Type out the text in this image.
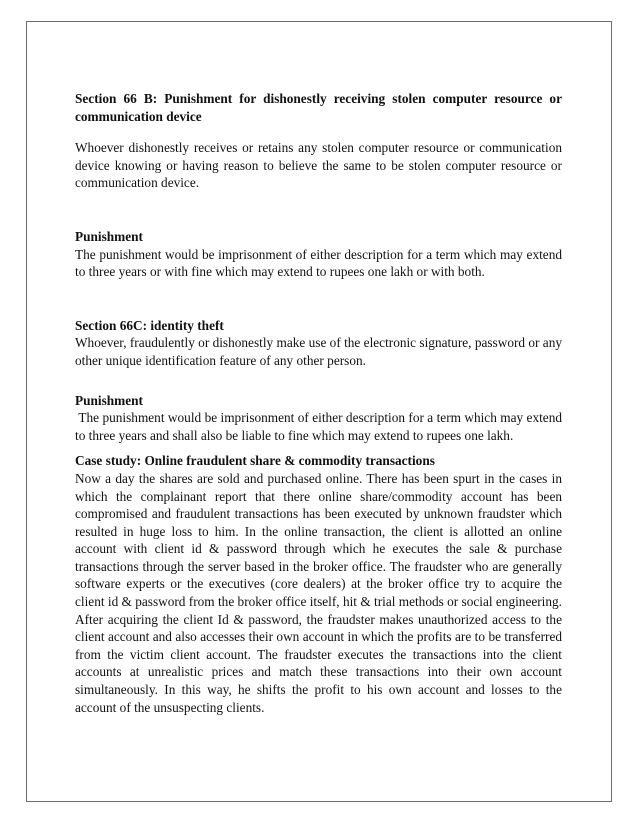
Section 66 B: Punishment for dishonestly receiving stolen computer resource or communication device

Whoever dishonestly receives or retains any stolen computer resource or communication device knowing or having reason to believe the same to be stolen computer resource or communication device.

Punishment

The punishment would be imprisonment of either description for a term which may extend to three years or with fine which may extend to rupees one lakh or with both.

Section 66C: identity theft

Whoever, fraudulently or dishonestly make use of the electronic signature, password or any other unique identification feature of any other person.

Punishment

The punishment would be imprisonment of either description for a term which may extend to three years and shall also be liable to fine which may extend to rupees one lakh.

Case study: Online fraudulent share & commodity transactions

Now a day the shares are sold and purchased online. There has been spurt in the cases in which the complainant report that there online share/commodity account has been compromised and fraudulent transactions has been executed by unknown fraudster which resulted in huge loss to him. In the online transaction, the client is allotted an online account with client id & password through which he executes the sale & purchase transactions through the server based in the broker office. The fraudster who are generally software experts or the executives (core dealers) at the broker office try to acquire the client id & password from the broker office itself, hit & trial methods or social engineering. After acquiring the client Id & password, the fraudster makes unauthorized access to the client account and also accesses their own account in which the profits are to be transferred from the victim client account. The fraudster executes the transactions into the client accounts at unrealistic prices and match these transactions into their own account simultaneously. In this way, he shifts the profit to his own account and losses to the account of the unsuspecting clients.
